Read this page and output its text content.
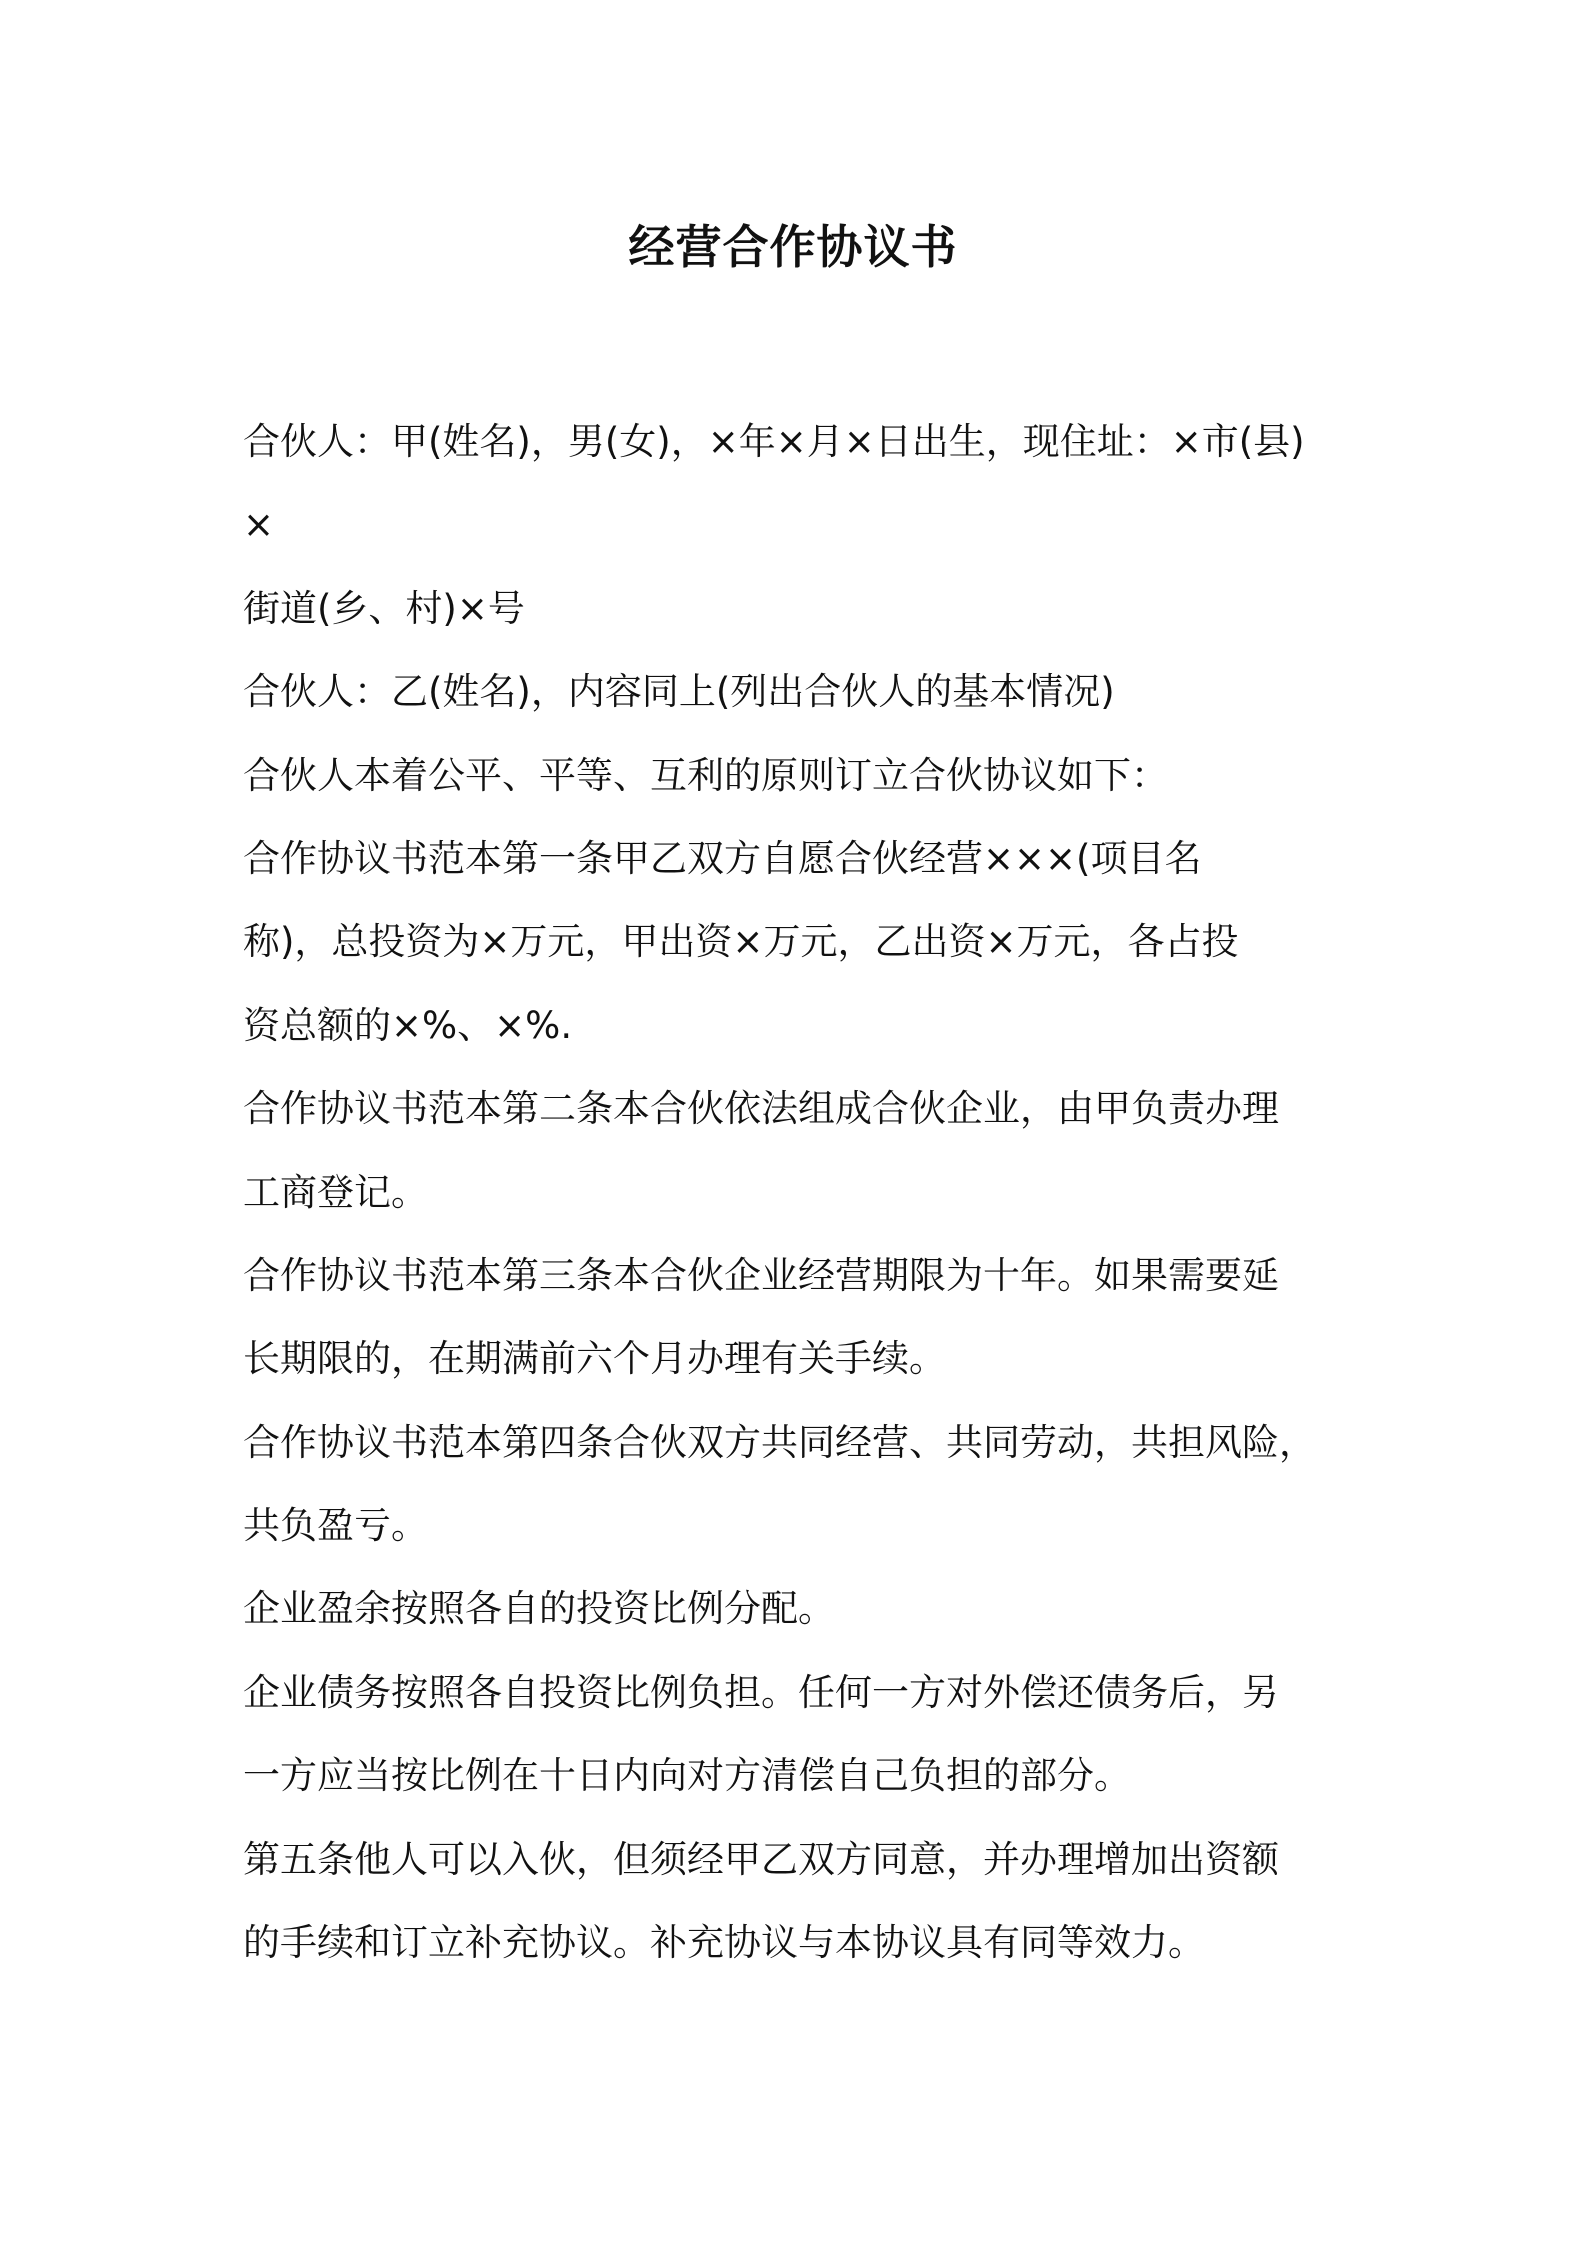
经营合作协议书
合伙人：甲(姓名)，男(女)，×年×月×日出生，现住址：×市(县)
×
街道(乡、村)×号
合伙人：乙(姓名)，内容同上(列出合伙人的基本情况)
合伙人本着公平、平等、互利的原则订立合伙协议如下：
合作协议书范本第一条甲乙双方自愿合伙经营×××(项目名
称)，总投资为×万元，甲出资×万元，乙出资×万元，各占投
资总额的×%、×%.
合作协议书范本第二条本合伙依法组成合伙企业，由甲负责办理
工商登记。
合作协议书范本第三条本合伙企业经营期限为十年。如果需要延
长期限的，在期满前六个月办理有关手续。
合作协议书范本第四条合伙双方共同经营、共同劳动，共担风险，
共负盈亏。
企业盈余按照各自的投资比例分配。
企业债务按照各自投资比例负担。任何一方对外偿还债务后，另
一方应当按比例在十日内向对方清偿自己负担的部分。
第五条他人可以入伙，但须经甲乙双方同意，并办理增加出资额
的手续和订立补充协议。补充协议与本协议具有同等效力。
